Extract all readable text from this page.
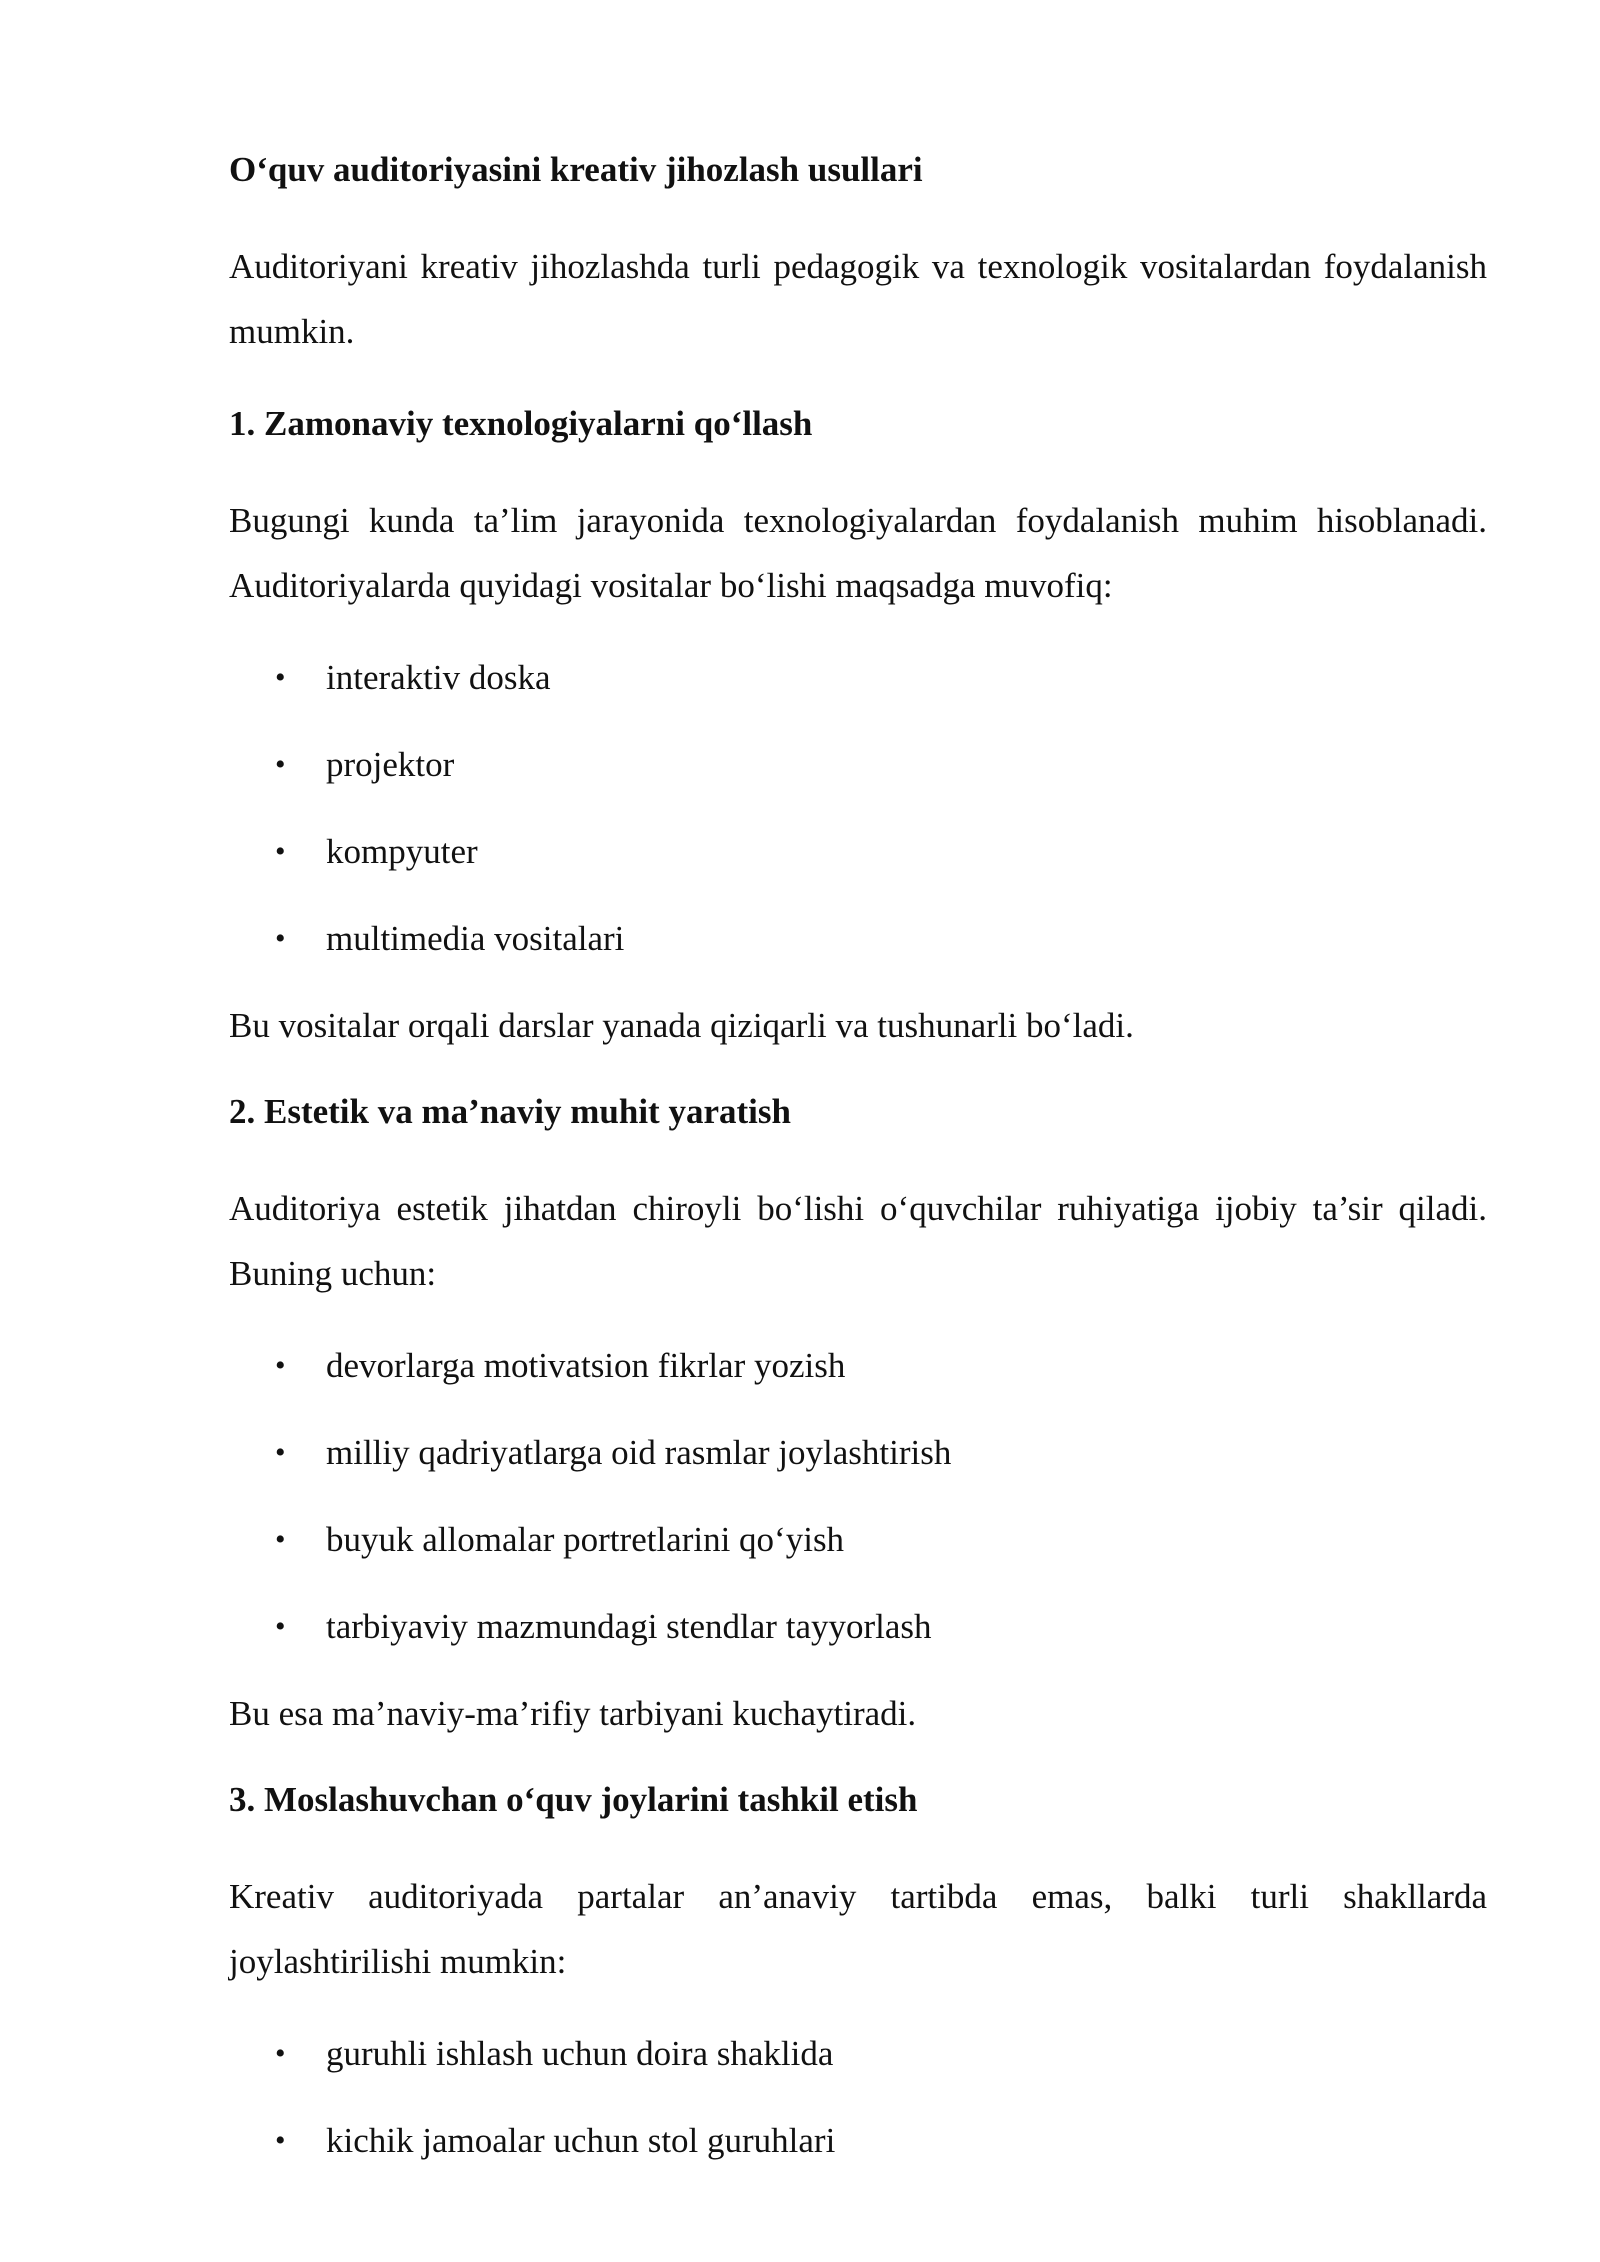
O‘quv auditoriyasini kreativ jihozlash usullari
Auditoriyani kreativ jihozlashda turli pedagogik va texnologik vositalardan foydalanish mumkin.
1. Zamonaviy texnologiyalarni qo‘llash
Bugungi kunda ta’lim jarayonida texnologiyalardan foydalanish muhim hisoblanadi. Auditoriyalarda quyidagi vositalar bo‘lishi maqsadga muvofiq:
• interaktiv doska
• projektor
• kompyuter
• multimedia vositalari
Bu vositalar orqali darslar yanada qiziqarli va tushunarli bo‘ladi.
2. Estetik va ma’naviy muhit yaratish
Auditoriya estetik jihatdan chiroyli bo‘lishi o‘quvchilar ruhiyatiga ijobiy ta’sir qiladi. Buning uchun:
• devorlarga motivatsion fikrlar yozish
• milliy qadriyatlarga oid rasmlar joylashtirish
• buyuk allomalar portretlarini qo‘yish
• tarbiyaviy mazmundagi stendlar tayyorlash
Bu esa ma’naviy-ma’rifiy tarbiyani kuchaytiradi.
3. Moslashuvchan o‘quv joylarini tashkil etish
Kreativ auditoriyada partalar an’anaviy tartibda emas, balki turli shakllarda joylashtirilishi mumkin:
• guruhli ishlash uchun doira shaklida
• kichik jamoalar uchun stol guruhlari
